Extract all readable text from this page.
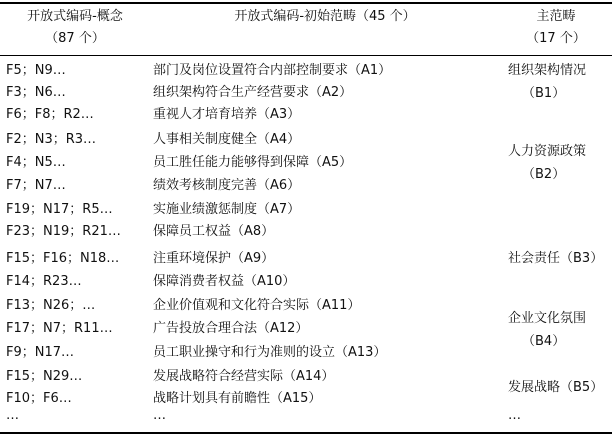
开放式编码-概念
（87 个）
开放式编码-初始范畴（45 个）	主范畴
（17 个）
F5；N9…
F3；N6…
F6；F8；R2…
F2；N3；R3…
F4；N5…
F7；N7…
F19；N17；R5…
F23；N19；R21…
F15；F16；N18…
F14；R23…
F13；N26；…
F17；N7；R11…
F9；N17…
F15；N29…
F10；F6…
…
部门及岗位设置符合内部控制要求（A1）
组织架构符合生产经营要求（A2）
重视人才培育培养（A3）
人事相关制度健全（A4）
员工胜任能力能够得到保障（A5）
绩效考核制度完善（A6）
实施业绩激惩制度（A7）
保障员工权益（A8）
注重环境保护（A9）
保障消费者权益（A10）
企业价值观和文化符合实际（A11）
广告投放合理合法（A12）
员工职业操守和行为准则的设立（A13）
发展战略符合经营实际（A14）
战略计划具有前瞻性（A15）
…
组织架构情况
（B1）
人力资源政策
（B2）
社会责任（B3）
企业文化氛围
（B4）
发展战略（B5）
…
